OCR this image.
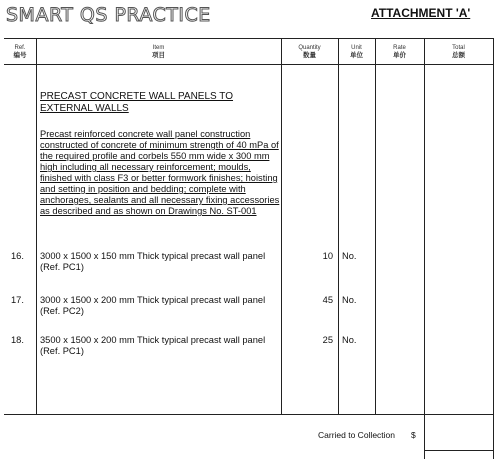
SMART QS PRACTICE	ATTACHMENT 'A'
Ref.
编号
Item
项目
Quantity
数量
Unit
单位
Rate
单价
Total
总额
PRECAST CONCRETE WALL PANELS TO EXTERNAL WALLS
Precast reinforced concrete wall panel construction constructed of concrete of minimum strength of 40 mPa of the required profile and corbels 550 mm wide x 300 mm high including all necessary reinforcement; moulds, finished with class F3 or better formwork finishes; hoisting and setting in position and bedding; complete with anchorages, sealants and all necessary fixing accessories as described and as shown on Drawings No. ST-001
16. 3000 x 1500 x 150 mm Thick typical precast wall panel (Ref. PC1)
10 No.
17. 3000 x 1500 x 200 mm Thick typical precast wall panel (Ref. PC2)
45 No.
18. 3500 x 1500 x 200 mm Thick typical precast wall panel (Ref. PC1)
25 No.
Carried to Collection $
